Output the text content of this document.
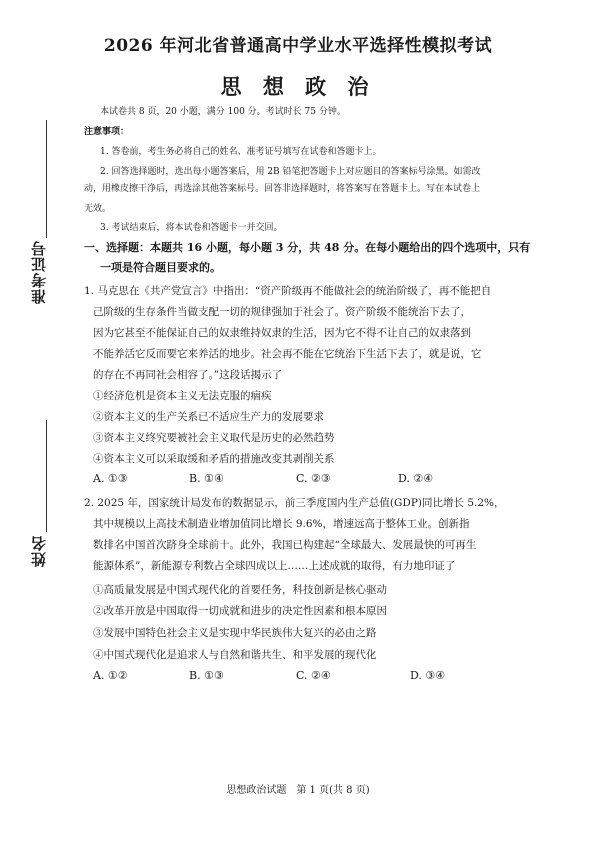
准考证号
姓名
2026 年河北省普通高中学业水平选择性模拟考试
思 想 政 治
本试卷共 8 页，20 小题，满分 100 分。考试时长 75 分钟。
注意事项：
1. 答卷前，考生务必将自己的姓名、准考证号填写在试卷和答题卡上。
2. 回答选择题时，选出每小题答案后，用 2B 铅笔把答题卡上对应题目的答案标号涂黑。如需改
动，用橡皮擦干净后，再选涂其他答案标号。回答非选择题时，将答案写在答题卡上。写在本试卷上
无效。
3. 考试结束后，将本试卷和答题卡一并交回。
一、选择题：本题共 16 小题，每小题 3 分，共 48 分。在每小题给出的四个选项中，只有
一项是符合题目要求的。
1. 马克思在《共产党宣言》中指出：“资产阶级再不能做社会的统治阶级了，再不能把自
己阶级的生存条件当做支配一切的规律强加于社会了。资产阶级不能统治下去了，
因为它甚至不能保证自己的奴隶维持奴隶的生活，因为它不得不让自己的奴隶落到
不能养活它反而要它来养活的地步。社会再不能在它统治下生活下去了，就是说，它
的存在不再同社会相容了。”这段话揭示了
①经济危机是资本主义无法克服的痼疾
②资本主义的生产关系已不适应生产力的发展要求
③资本主义终究要被社会主义取代是历史的必然趋势
④资本主义可以采取缓和矛盾的措施改变其剥削关系
A. ①③	B. ①④	C. ②③	D. ②④
2. 2025 年，国家统计局发布的数据显示，前三季度国内生产总值(GDP)同比增长 5.2%，
其中规模以上高技术制造业增加值同比增长 9.6%，增速远高于整体工业。创新指
数排名中国首次跻身全球前十。此外，我国已构建起“全球最大、发展最快的可再生
能源体系”，新能源专利数占全球四成以上……上述成就的取得，有力地印证了
①高质量发展是中国式现代化的首要任务，科技创新是核心驱动
②改革开放是中国取得一切成就和进步的决定性因素和根本原因
③发展中国特色社会主义是实现中华民族伟大复兴的必由之路
④中国式现代化是追求人与自然和谐共生、和平发展的现代化
A. ①②	B. ①③	C. ②④	D. ③④
思想政治试题　第 1 页(共 8 页)
